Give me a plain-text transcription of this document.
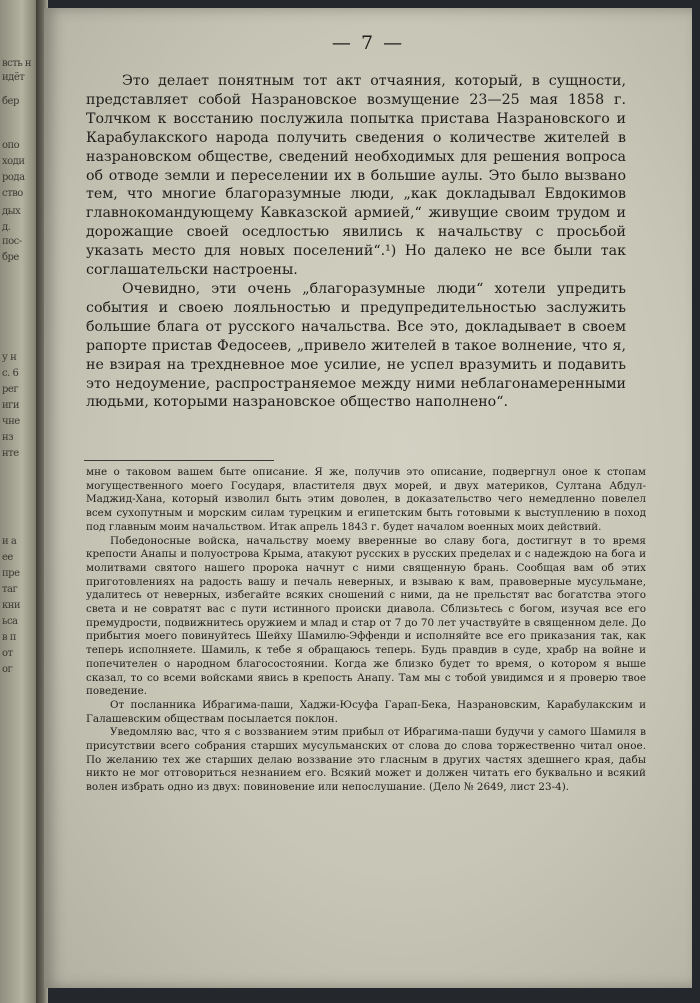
всть н
идёт
бер
опо
ходи
рода
ство
дых
д.
пос-
бре
у н
с. 6
рег
иги
чне
нз
нте
и а
ее
пре
таг
кни
ьса
в п
от
ог
— 7 —

Это делает понятным тот акт отчаяния, который, в сущности, представляет собой Назрановское возмущение 23—25 мая 1858 г. Толчком к восстанию послужила попытка пристава Назрановского и Карабулакского народа получить сведения о количестве жителей в назрановском обществе, сведений необходимых для решения вопроса об отводе земли и переселении их в большие аулы. Это было вызвано тем, что многие благоразумные люди, „как докладывал Евдокимов главнокомандующему Кавказской армией,“ живущие своим трудом и дорожащие своей оседлостью явились к начальству с просьбой указать место для новых поселений“.¹) Но далеко не все были так соглашательски настроены.

Очевидно, эти очень „благоразумные люди“ хотели упредить события и своею лояльностью и предупредительностью заслужить большие блага от русского начальства. Все это, докладывает в своем рапорте пристав Федосеев, „привело жителей в такое волнение, что я, не взирая на трехдневное мое усилие, не успел вразумить и подавить это недоумение, распространяемое между ними неблагонамеренными людьми, которыми назрановское общество наполнено“.

мне о таковом вашем быте описание. Я же, получив это описание, подвергнул оное к стопам могущественного моего Государя, властителя двух морей, и двух материков, Султана Абдул-Маджид-Хана, который изволил быть этим доволен, в доказательство чего немедленно повелел всем сухопутным и морским силам турецким и египетским быть готовыми к выступлению в поход под главным моим начальством. Итак апрель 1843 г. будет началом военных моих действий.

Победоносные войска, начальству моему вверенные во славу бога, достигнут в то время крепости Анапы и полуострова Крыма, атакуют русских в русских пределах и с надеждою на бога и молитвами святого нашего пророка начнут с ними священную брань. Сообщая вам об этих приготовлениях на радость вашу и печаль неверных, и взываю к вам, правоверные мусульмане, удалитесь от неверных, избегайте всяких сношений с ними, да не прельстят вас богатства этого света и не совратят вас с пути истинного происки диавола. Сблизьтесь с богом, изучая все его премудрости, подвижнитесь оружием и млад и стар от 7 до 70 лет участвуйте в священном деле. До прибытия моего повинуйтесь Шейху Шамилю-Эффенди и исполняйте все его приказания так, как теперь исполняете. Шамиль, к тебе я обращаюсь теперь. Будь правдив в суде, храбр на войне и попечителен о народном благосостоянии. Когда же близко будет то время, о котором я выше сказал, то со всеми войсками явись в крепость Анапу. Там мы с тобой увидимся и я проверю твое поведение.

От посланника Ибрагима-паши, Хаджи-Юсуфа Гарап-Бека, Назрановским, Карабулакским и Галашевским обществам посылается поклон.

Уведомляю вас, что я с воззванием этим прибыл от Ибрагима-паши будучи у самого Шамиля в присутствии всего собрания старших мусульманских от слова до слова торжественно читал оное. По желанию тех же старших делаю воззвание это гласным в других частях здешнего края, дабы никто не мог отговориться незнанием его. Всякий может и должен читать его буквально и всякий волен избрать одно из двух: повиновение или непослушание. (Дело № 2649, лист 23-4).
